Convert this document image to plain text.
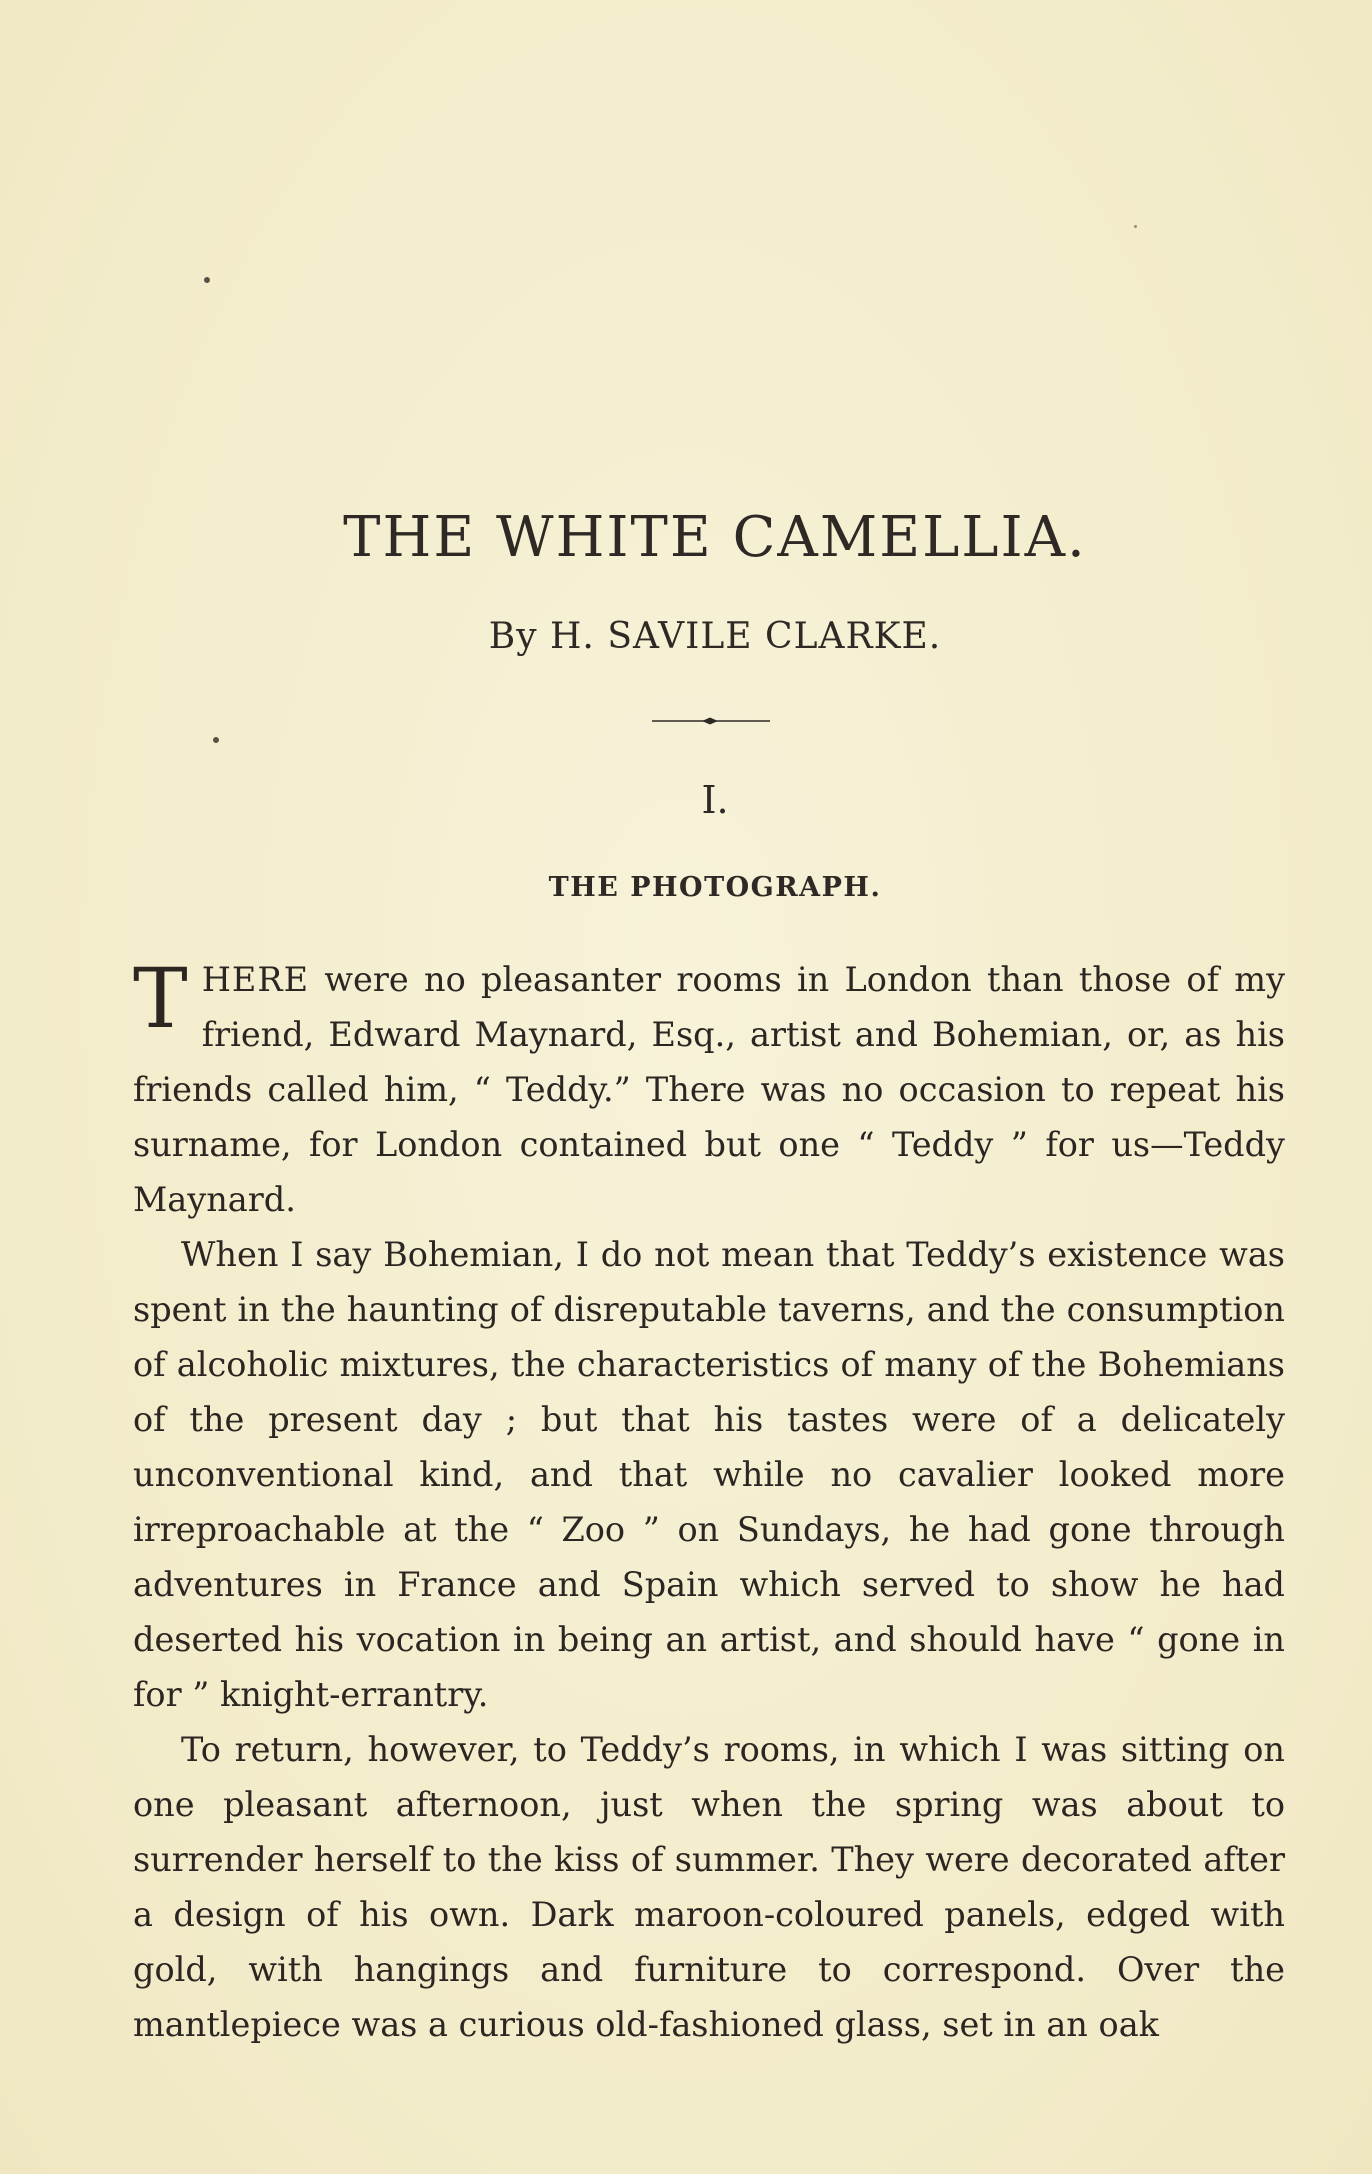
THE WHITE CAMELLIA.
By H. SAVILE CLARKE.
I.
THE PHOTOGRAPH.

THERE were no pleasanter rooms in London than those of my friend, Edward Maynard, Esq., artist and Bohemian, or, as his friends called him, “ Teddy.” There was no occasion to repeat his surname, for London contained but one “ Teddy ” for us—Teddy Maynard.

When I say Bohemian, I do not mean that Teddy’s existence was spent in the haunting of disreputable taverns, and the consumption of alcoholic mixtures, the characteristics of many of the Bohemians of the present day ; but that his tastes were of a delicately unconventional kind, and that while no cavalier looked more irreproachable at the “ Zoo ” on Sundays, he had gone through adventures in France and Spain which served to show he had deserted his vocation in being an artist, and should have “ gone in for ” knight-errantry.

To return, however, to Teddy’s rooms, in which I was sitting on one pleasant afternoon, just when the spring was about to surrender herself to the kiss of summer. They were decorated after a design of his own. Dark maroon-coloured panels, edged with gold, with hangings and furniture to correspond. Over the mantlepiece was a curious old-fashioned glass, set in an oak
